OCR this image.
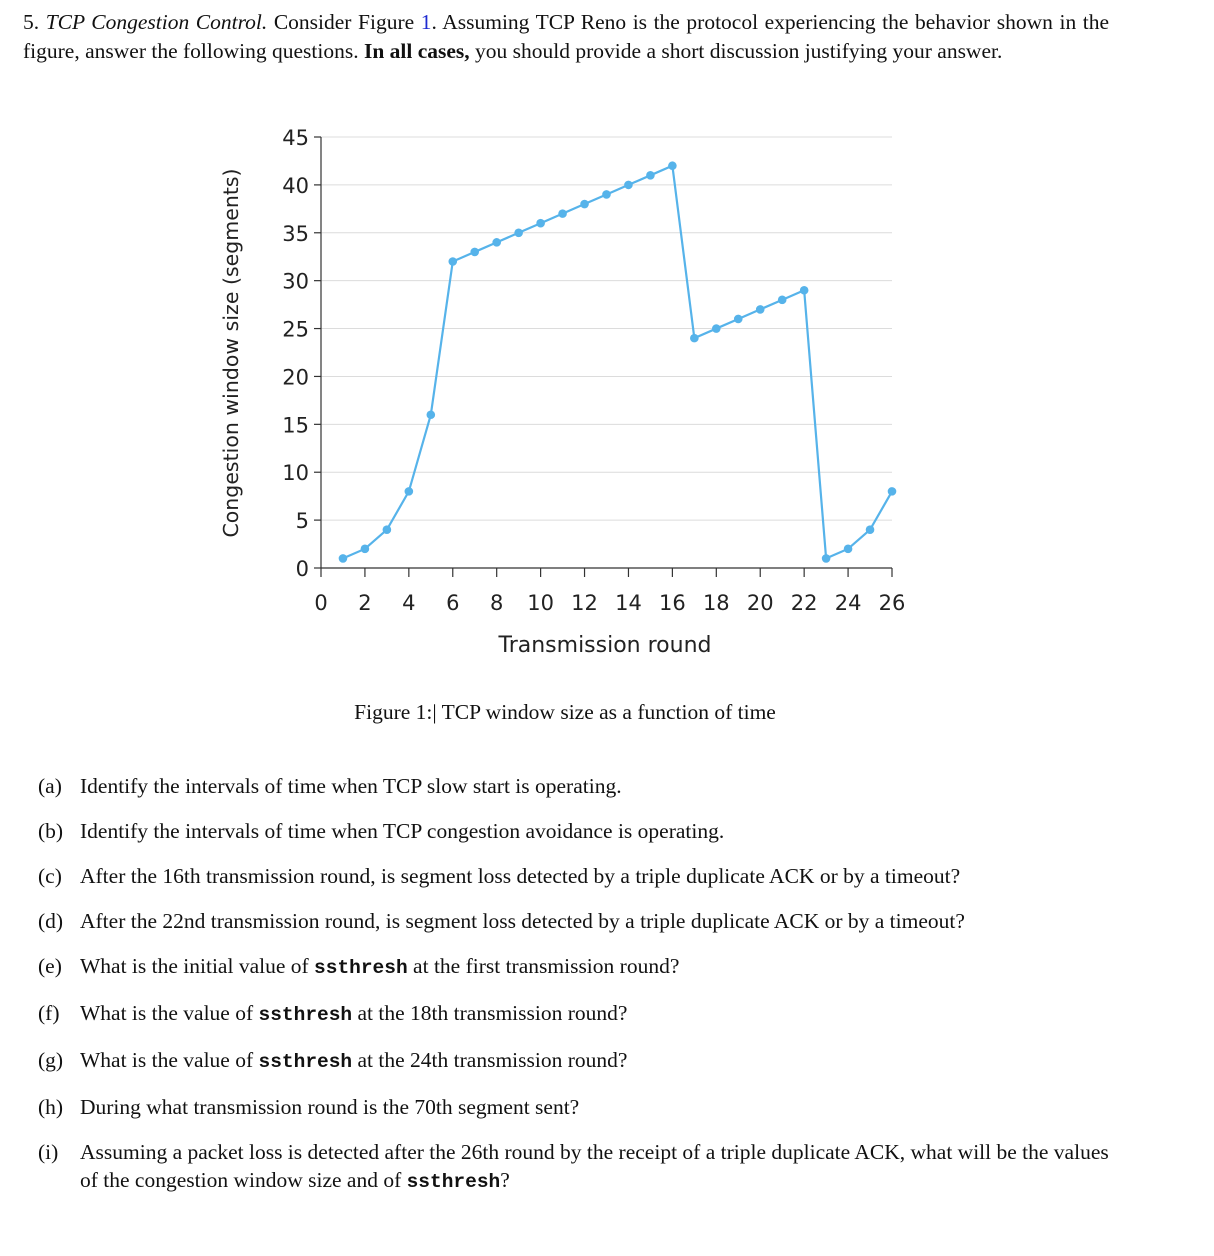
5. TCP Congestion Control. Consider Figure 1. Assuming TCP Reno is the protocol experiencing the behavior shown in the figure, answer the following questions. In all cases, you should provide a short discussion justifying your answer.
0
5
10
15
20
25
30
35
40
45
0 2 4 6 8 10 12 14 16 18 20 22 24 26
Transmission round
Congestion window size (segments)
Figure 1:| TCP window size as a function of time
(a) Identify the intervals of time when TCP slow start is operating.
(b) Identify the intervals of time when TCP congestion avoidance is operating.
(c) After the 16th transmission round, is segment loss detected by a triple duplicate ACK or by a timeout?
(d) After the 22nd transmission round, is segment loss detected by a triple duplicate ACK or by a timeout?
(e) What is the initial value of ssthresh at the first transmission round?
(f) What is the value of ssthresh at the 18th transmission round?
(g) What is the value of ssthresh at the 24th transmission round?
(h) During what transmission round is the 70th segment sent?
(i) Assuming a packet loss is detected after the 26th round by the receipt of a triple duplicate ACK, what will be the values of the congestion window size and of ssthresh?
